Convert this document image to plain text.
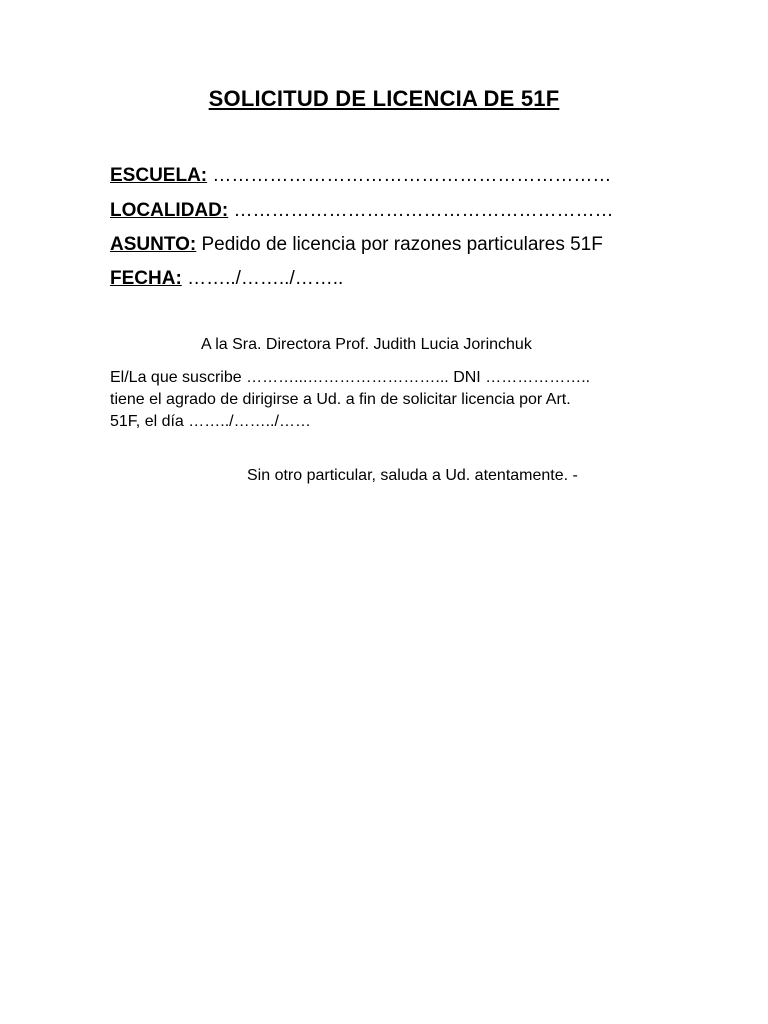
SOLICITUD DE LICENCIA DE 51F
ESCUELA: ………………………………………………………
LOCALIDAD: ……………………………………………………
ASUNTO: Pedido de licencia por razones particulares 51F
FECHA: ……../……../……..
A la Sra. Directora Prof. Judith Lucia Jorinchuk
El/La que suscribe ………...……………………... DNI ………………..
tiene el agrado de dirigirse a Ud. a fin de solicitar licencia por Art.
51F, el día ……../……../……
Sin otro particular, saluda a Ud. atentamente. -
